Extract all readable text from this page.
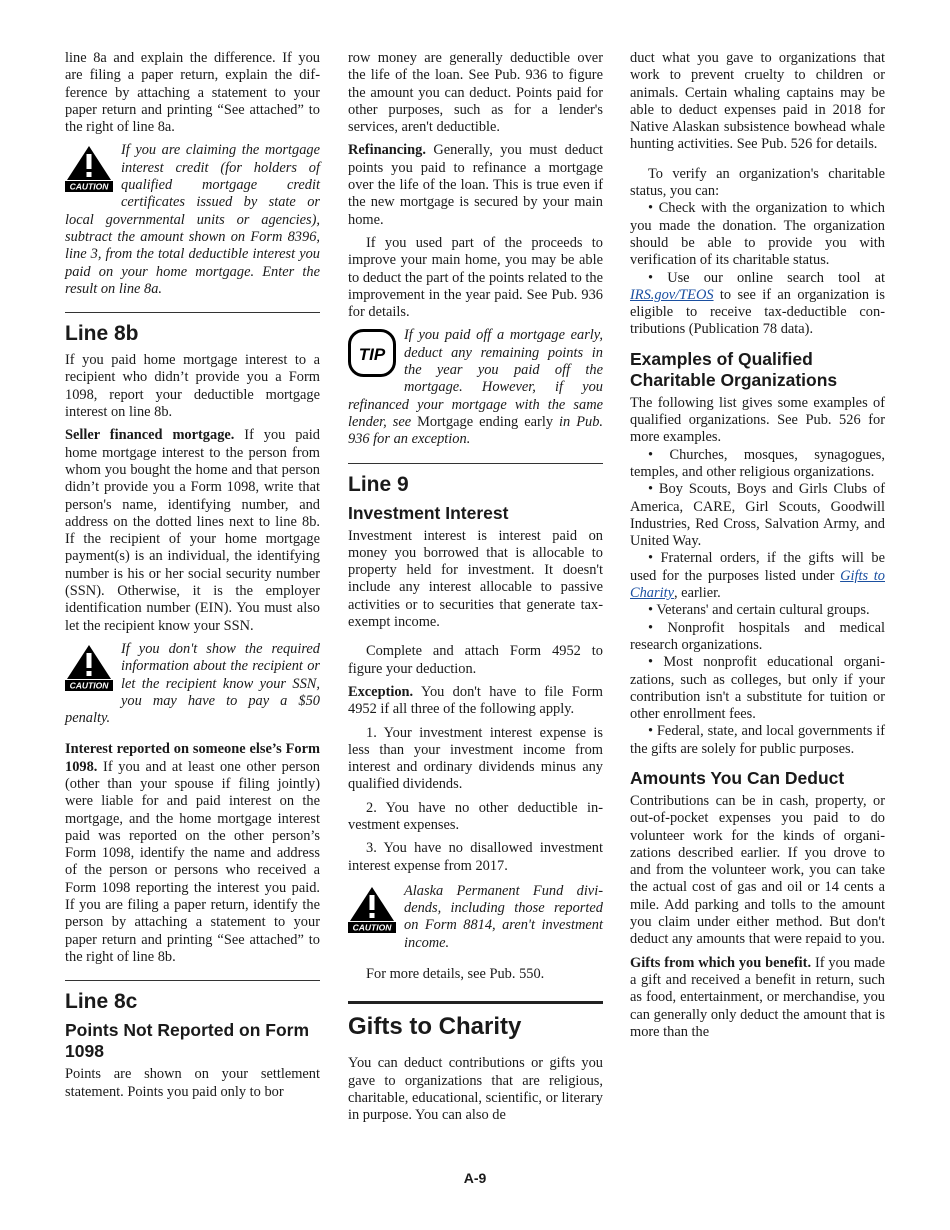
line 8a and explain the difference. If you are filing a paper return, explain the difference by attaching a statement to your paper return and printing “See attached” to the right of line 8a.

CAUTION
If you are claiming the mortgage interest credit (for holders of qualified mortgage credit certificates issued by state or local governmental units or agencies), subtract the amount shown on Form 8396, line 3, from the total deductible interest you paid on your home mortgage. Enter the result on line 8a.
Line 8b

If you paid home mortgage interest to a recipient who didn’t provide you a Form 1098, report your deductible mortgage interest on line 8b.

Seller financed mortgage. If you paid home mortgage interest to the person from whom you bought the home and that person didn’t provide you a Form 1098, write that person's name, identifying number, and address on the dotted lines next to line 8b. If the recipient of your home mortgage payment(s) is an individual, the identifying number is his or her social security number (SSN). Otherwise, it is the employer identification number (EIN). You must also let the recipient know your SSN.

CAUTION
If you don't show the required information about the recipient or let the recipient know your SSN, you may have to pay a $50 penalty.

Interest reported on someone else’s Form 1098. If you and at least one other person (other than your spouse if filing jointly) were liable for and paid interest on the mortgage, and the home mortgage interest paid was reported on the other person’s Form 1098, identify the name and address of the person or persons who received a Form 1098 reporting the interest you paid. If you are filing a paper return, identify the person by attaching a statement to your paper return and printing “See attached” to the right of line 8b.

Line 8c
Points Not Reported on Form 1098

Points are shown on your settlement statement. Points you paid only to bor

row money are generally deductible over the life of the loan. See Pub. 936 to figure the amount you can deduct. Points paid for other purposes, such as for a lender's services, aren't deductible.

Refinancing. Generally, you must deduct points you paid to refinance a mortgage over the life of the loan. This is true even if the new mortgage is secured by your main home.

If you used part of the proceeds to improve your main home, you may be able to deduct the part of the points related to the improvement in the year paid. See Pub. 936 for details.

TIP
If you paid off a mortgage early, deduct any remaining points in the year you paid off the mortgage. However, if you refinanced your mortgage with the same lender, see Mortgage ending early in Pub. 936 for an exception.
Line 9
Investment Interest

Investment interest is interest paid on money you borrowed that is allocable to property held for investment. It doesn't include any interest allocable to passive activities or to securities that generate tax-exempt income.

Complete and attach Form 4952 to figure your deduction.

Exception. You don't have to file Form 4952 if all three of the following apply.

1. Your investment interest expense is less than your investment income from interest and ordinary dividends minus any qualified dividends.

2. You have no other deductible investment expenses.

3. You have no disallowed investment interest expense from 2017.

CAUTION
Alaska Permanent Fund dividends, including those reported on Form 8814, aren't investment income.

For more details, see Pub. 550.

Gifts to Charity

You can deduct contributions or gifts you gave to organizations that are religious, charitable, educational, scientific, or literary in purpose. You can also de

duct what you gave to organizations that work to prevent cruelty to children or animals. Certain whaling captains may be able to deduct expenses paid in 2018 for Native Alaskan subsistence bowhead whale hunting activities. See Pub. 526 for details.

To verify an organization's charitable status, you can:

• Check with the organization to which you made the donation. The organization should be able to provide you with verification of its charitable status.

• Use our online search tool at IRS.gov/TEOS to see if an organization is eligible to receive tax-deductible contributions (Publication 78 data).

Examples of Qualified Charitable Organizations

The following list gives some examples of qualified organizations. See Pub. 526 for more examples.

• Churches, mosques, synagogues, temples, and other religious organizations.

• Boy Scouts, Boys and Girls Clubs of America, CARE, Girl Scouts, Goodwill Industries, Red Cross, Salvation Army, and United Way.

• Fraternal orders, if the gifts will be used for the purposes listed under Gifts to Charity, earlier.

• Veterans' and certain cultural groups.

• Nonprofit hospitals and medical research organizations.

• Most nonprofit educational organizations, such as colleges, but only if your contribution isn't a substitute for tuition or other enrollment fees.

• Federal, state, and local governments if the gifts are solely for public purposes.

Amounts You Can Deduct

Contributions can be in cash, property, or out-of-pocket expenses you paid to do volunteer work for the kinds of organizations described earlier. If you drove to and from the volunteer work, you can take the actual cost of gas and oil or 14 cents a mile. Add parking and tolls to the amount you claim under either method. But don't deduct any amounts that were repaid to you.

Gifts from which you benefit. If you made a gift and received a benefit in return, such as food, entertainment, or merchandise, you can generally only deduct the amount that is more than the

A-9
